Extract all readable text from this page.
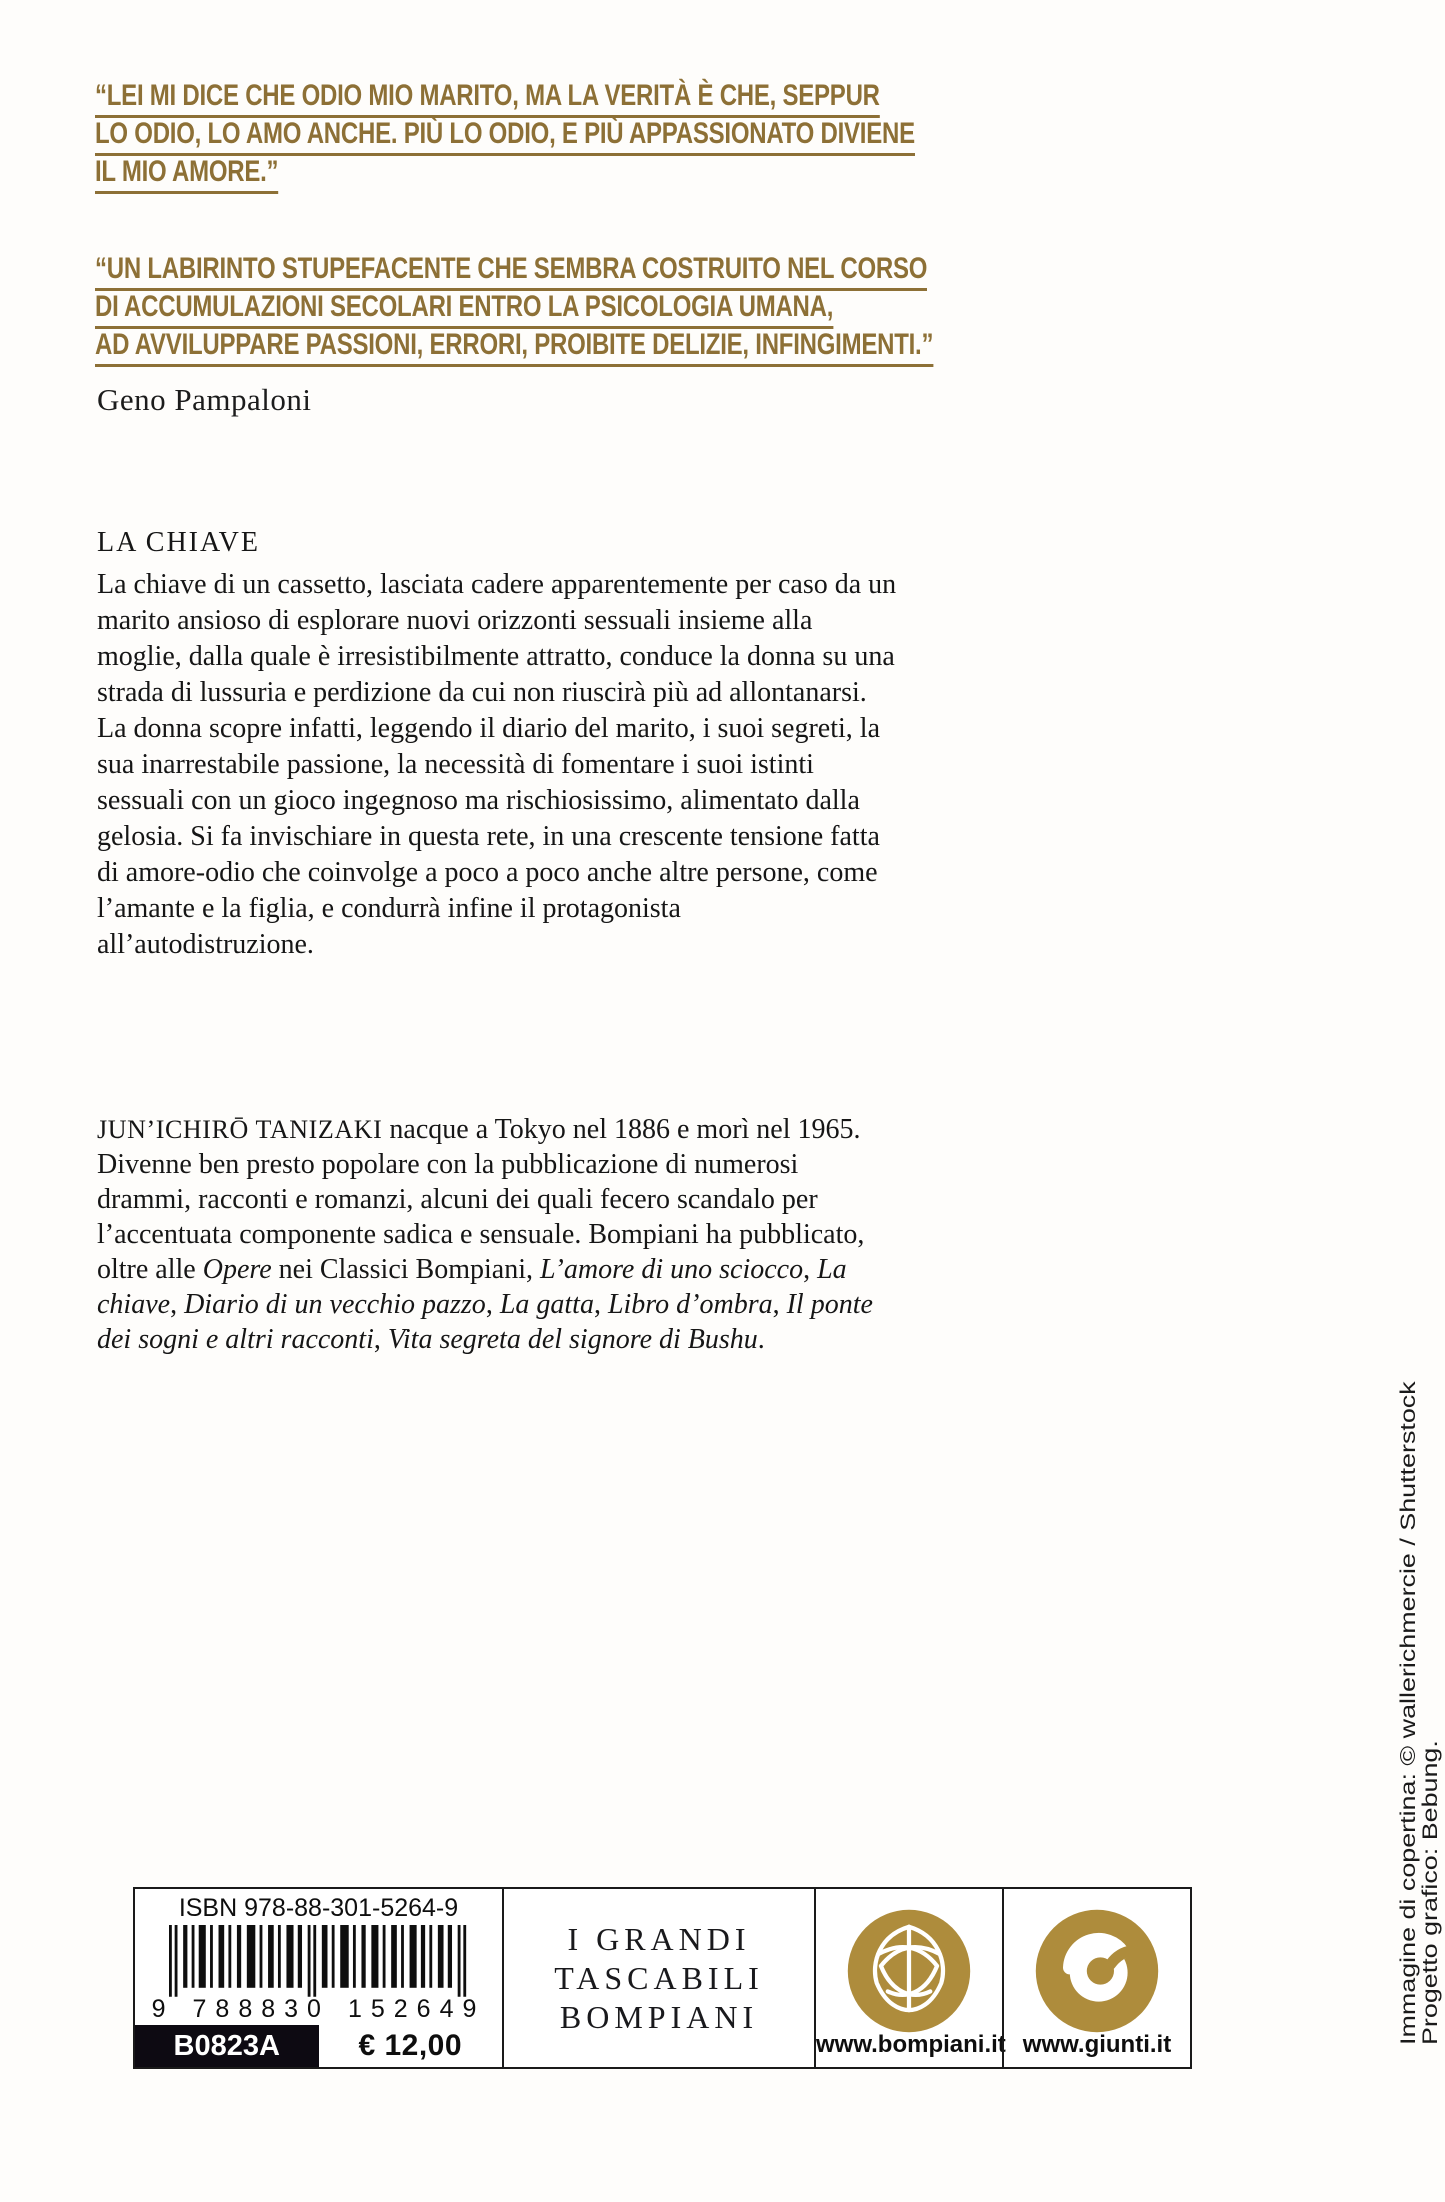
“LEI MI DICE CHE ODIO MIO MARITO, MA LA VERITÀ È CHE, SEPPUR
LO ODIO, LO AMO ANCHE. PIÙ LO ODIO, E PIÙ APPASSIONATO DIVIENE
IL MIO AMORE.”
“UN LABIRINTO STUPEFACENTE CHE SEMBRA COSTRUITO NEL CORSO
DI ACCUMULAZIONI SECOLARI ENTRO LA PSICOLOGIA UMANA,
AD AVVILUPPARE PASSIONI, ERRORI, PROIBITE DELIZIE, INFINGIMENTI.”
Geno Pampaloni
LA CHIAVE
La chiave di un cassetto, lasciata cadere apparentemente per caso da un marito ansioso di esplorare nuovi orizzonti sessuali insieme alla moglie, dalla quale è irresistibilmente attratto, conduce la donna su una strada di lussuria e perdizione da cui non riuscirà più ad allontanarsi. La donna scopre infatti, leggendo il diario del marito, i suoi segreti, la sua inarrestabile passione, la necessità di fomentare i suoi istinti sessuali con un gioco ingegnoso ma rischiosissimo, alimentato dalla gelosia. Si fa invischiare in questa rete, in una crescente tensione fatta di amore-odio che coinvolge a poco a poco anche altre persone, come l’amante e la figlia, e condurrà infine il protagonista all’autodistruzione.
JUN’ICHIRŌ TANIZAKI nacque a Tokyo nel 1886 e morì nel 1965. Divenne ben presto popolare con la pubblicazione di numerosi drammi, racconti e romanzi, alcuni dei quali fecero scandalo per l’accentuata componente sadica e sensuale. Bompiani ha pubblicato, oltre alle Opere nei Classici Bompiani, L’amore di uno sciocco, La chiave, Diario di un vecchio pazzo, La gatta, Libro d’ombra, Il ponte dei sogni e altri racconti, Vita segreta del signore di Bushu.
ISBN 978-88-301-5264-9
9 788830 152649
B0823A	€ 12,00
I GRANDI
TASCABILI
BOMPIANI
www.bompiani.it www.giunti.it	Immagine di copertina: © wallerichmercie / Shutterstock Progetto grafico: Bebung.
